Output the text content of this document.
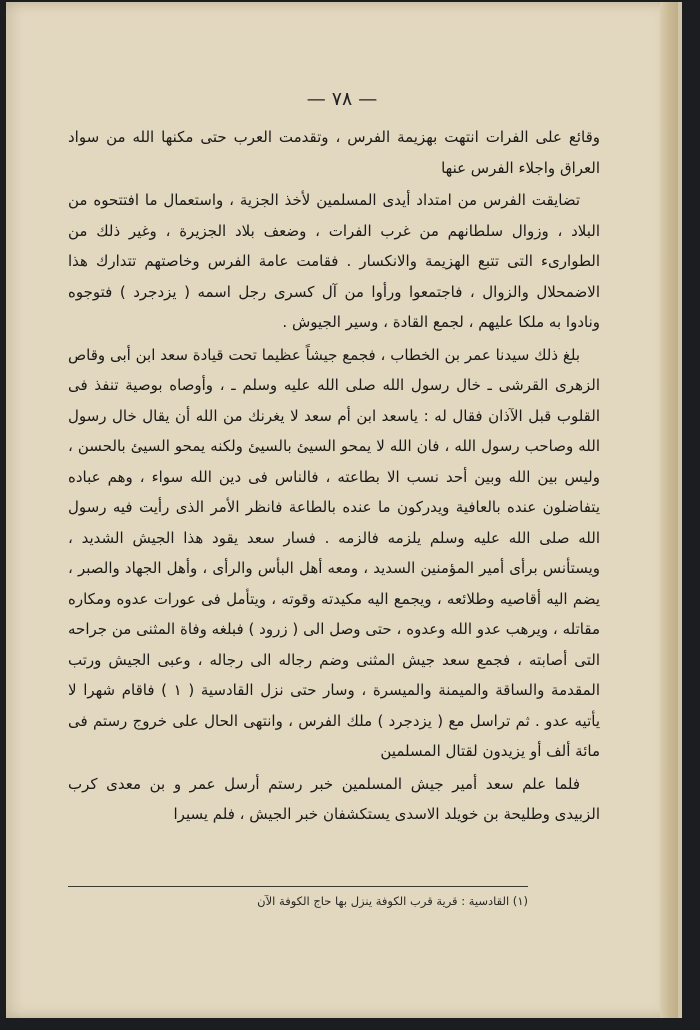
— ٧٨ —

وقائع على الفرات انتهت بهزيمة الفرس ، وتقدمت العرب حتى مكنها الله من سواد العراق واجلاء الفرس عنها

تضايقت الفرس من امتداد أيدى المسلمين لأخذ الجزية ، واستعمال ما افتتحوه من البلاد ، وزوال سلطانهم من غرب الفرات ، وضعف بلاد الجزيرة ، وغير ذلك من الطوارىء التى تتبع الهزيمة والانكسار . فقامت عامة الفرس وخاصتهم تتدارك هذا الاضمحلال والزوال ، فاجتمعوا ورأوا من آل كسرى رجل اسمه ( يزدجرد ) فتوجوه ونادوا به ملكا عليهم ، لجمع القادة ، وسير الجيوش .

بلغ ذلك سيدنا عمر بن الخطاب ، فجمع جيشاً عظيما تحت قيادة سعد ابن أبى وقاص الزهرى القرشى ـ خال رسول الله صلى الله عليه وسلم ـ ، وأوصاه بوصية تنفذ فى القلوب قبل الآذان فقال له : ياسعد ابن أم سعد لا يغرنك من الله أن يقال خال رسول الله وصاحب رسول الله ، فان الله لا يمحو السيئ بالسيئ ولكنه يمحو السيئ بالحسن ، وليس بين الله وبين أحد نسب الا بطاعته ، فالناس فى دين الله سواء ، وهم عباده يتفاضلون عنده بالعافية ويدركون ما عنده بالطاعة فانظر الأمر الذى رأيت فيه رسول الله صلى الله عليه وسلم يلزمه فالزمه . فسار سعد يقود هذا الجيش الشديد ، ويستأنس برأى أمير المؤمنين السديد ، ومعه أهل البأس والرأى ، وأهل الجهاد والصبر ، يضم اليه أقاصيه وطلائعه ، ويجمع اليه مكيدته وقوته ، ويتأمل فى عورات عدوه ومكاره مقاتله ، ويرهب عدو الله وعدوه ، حتى وصل الى ( زرود ) فبلغه وفاة المثنى من جراحه التى أصابته ، فجمع سعد جيش المثنى وضم رجاله الى رجاله ، وعبى الجيش ورتب المقدمة والساقة والميمنة والميسرة ، وسار حتى نزل القادسية ( ١ ) فاقام شهرا لا يأتيه عدو . ثم تراسل مع ( يزدجرد ) ملك الفرس ، وانتهى الحال على خروج رستم فى مائة ألف أو يزيدون لقتال المسلمين

فلما علم سعد أمير جيش المسلمين خبر رستم أرسل عمر و بن معدى كرب الزبيدى وطليحة بن خويلد الاسدى يستكشفان خبر الجيش ، فلم يسيرا

(١) القادسية : قرية قرب الكوفة ينزل بها حاج الكوفة الآن
